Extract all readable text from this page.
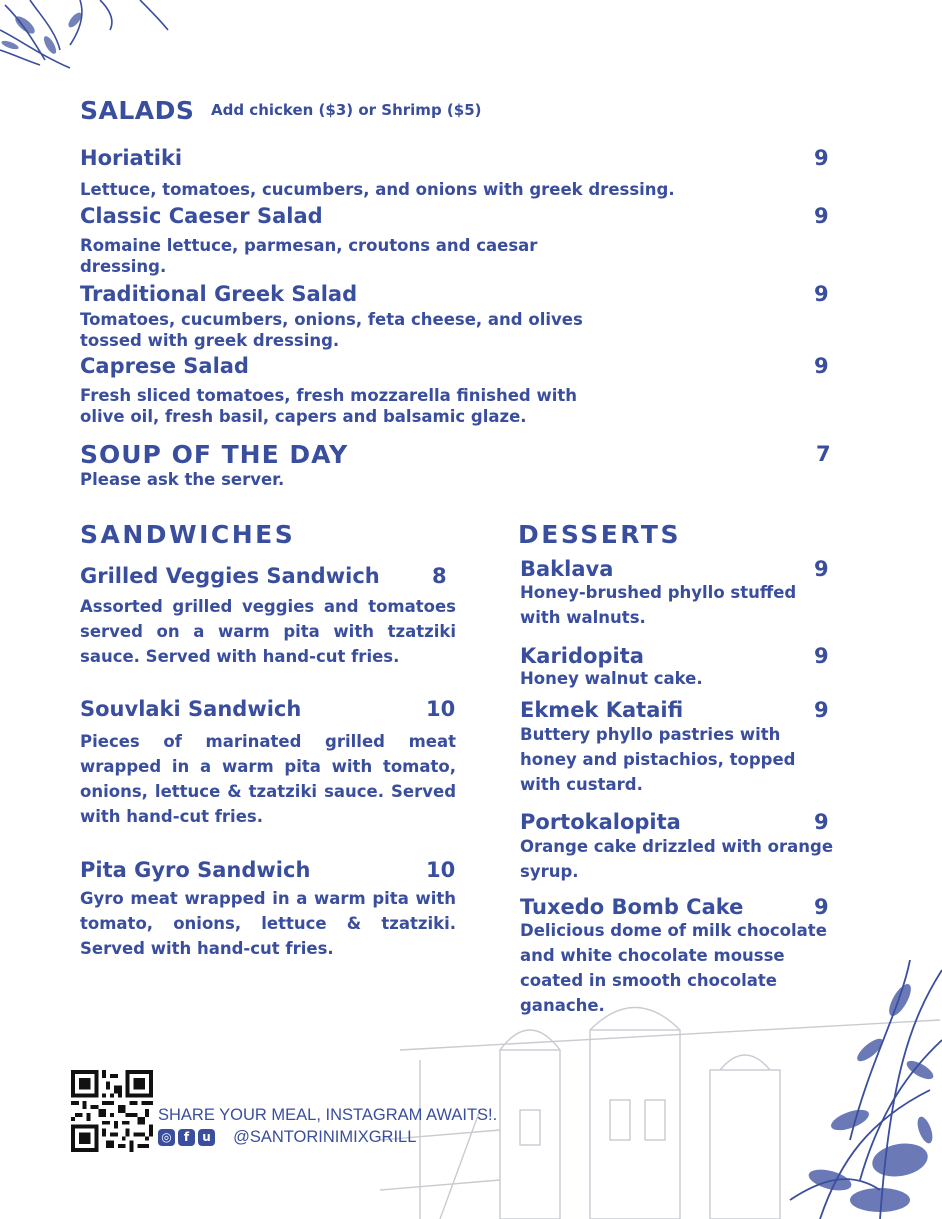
SALADS Add chicken ($3) or Shrimp ($5)
Horiatiki	9
Lettuce, tomatoes, cucumbers, and onions with greek dressing.
Classic Caeser Salad	9
Romaine lettuce, parmesan, croutons and caesar dressing.
Traditional Greek Salad	9
Tomatoes, cucumbers, onions, feta cheese, and olives tossed with greek dressing.
Caprese Salad	9
Fresh sliced tomatoes, fresh mozzarella finished with olive oil, fresh basil, capers and balsamic glaze.
SOUP OF THE DAY	7
Please ask the server.
SANDWICHES
Grilled Veggies Sandwich 8
Assorted grilled veggies and tomatoes served on a warm pita with tzatziki sauce. Served with hand-cut fries.
Souvlaki Sandwich	10
Pieces of marinated grilled meat wrapped in a warm pita with tomato, onions, lettuce & tzatziki sauce. Served with hand-cut fries.
Pita Gyro Sandwich	10
Gyro meat wrapped in a warm pita with tomato, onions, lettuce & tzatziki. Served with hand-cut fries.
DESSERTS
Baklava	9
Honey-brushed phyllo stuffed with walnuts.
Karidopita	9
Honey walnut cake.
Ekmek Kataifi	9
Buttery phyllo pastries with honey and pistachios, topped with custard.
Portokalopita	9
Orange cake drizzled with orange syrup.
Tuxedo Bomb Cake	9
Delicious dome of milk chocolate and white chocolate mousse coated in smooth chocolate ganache.
SHARE YOUR MEAL, INSTAGRAM AWAITS!.
◎ f u @SANTORINIMIXGRILL
